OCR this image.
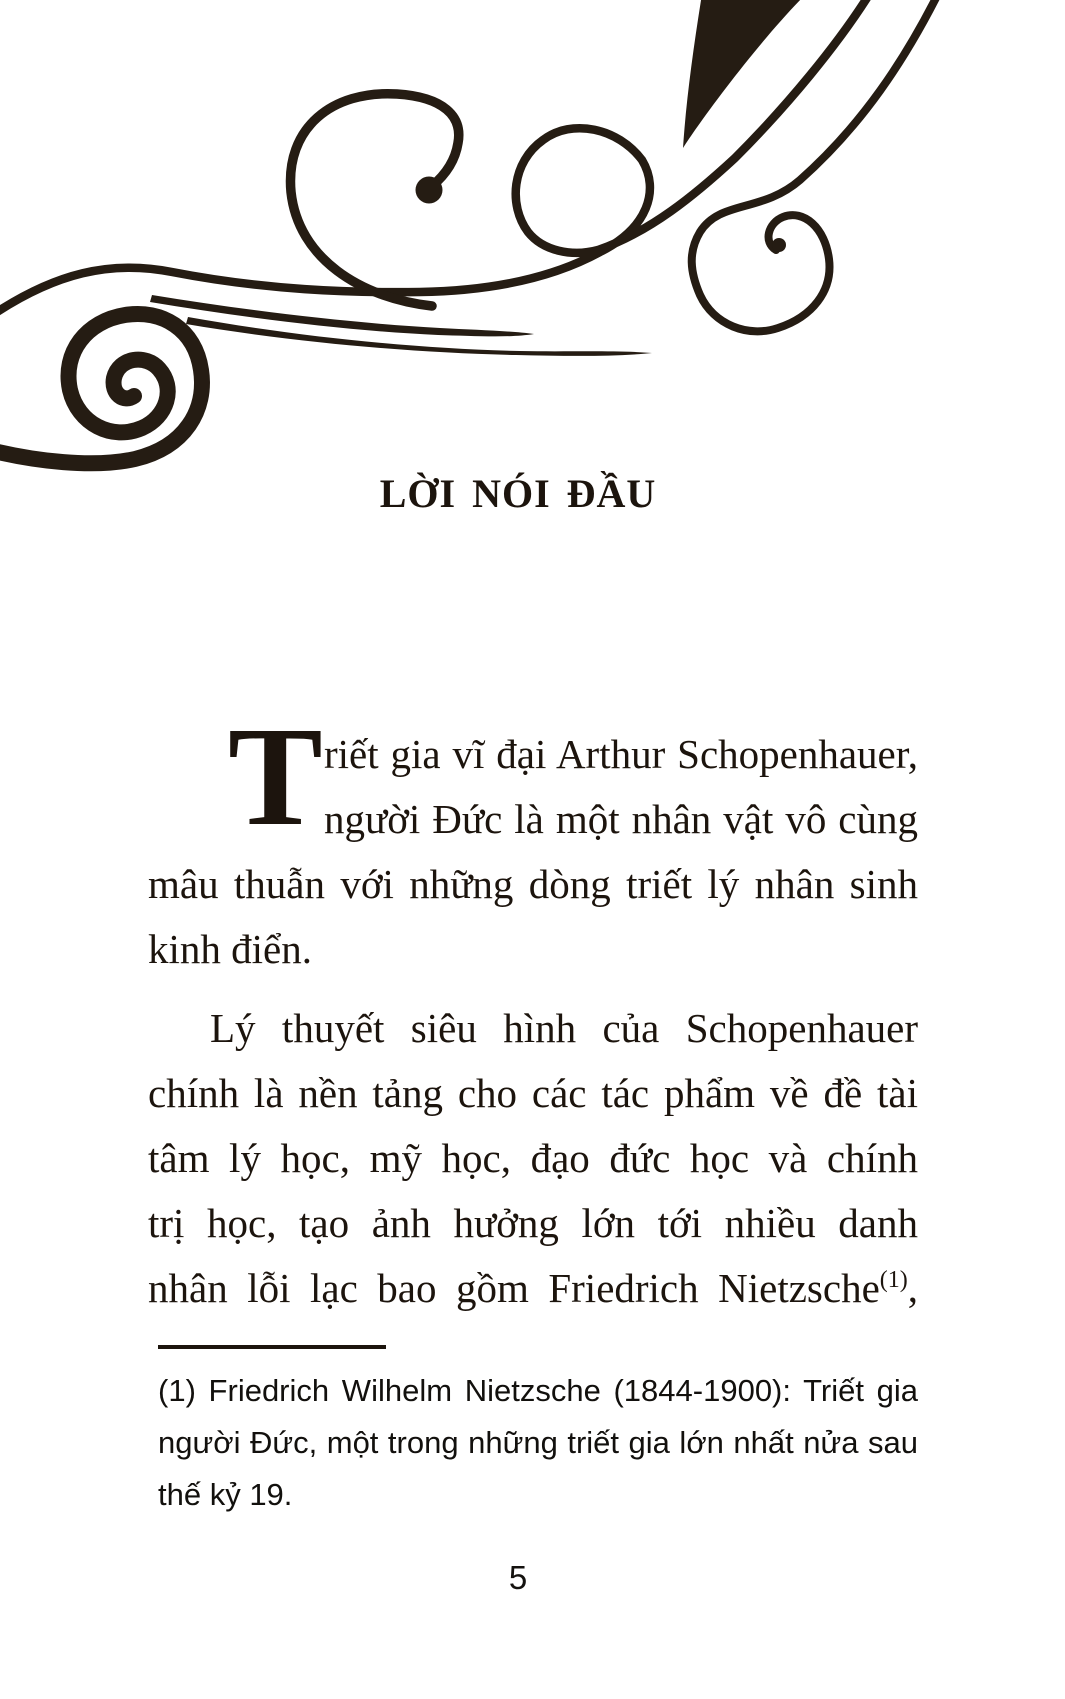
LỜI NÓI ĐẦU
T riết gia vĩ đại Arthur Schopenhauer,
người Đức là một nhân vật vô cùng
mâu thuẫn với những dòng triết lý nhân sinh
kinh điển.
Lý thuyết siêu hình của Schopenhauer
chính là nền tảng cho các tác phẩm về đề tài
tâm lý học, mỹ học, đạo đức học và chính
trị học, tạo ảnh hưởng lớn tới nhiều danh
nhân lỗi lạc bao gồm Friedrich Nietzsche$^{(1)}$,
(1) Friedrich Wilhelm Nietzsche (1844-1900): Triết gia
người Đức, một trong những triết gia lớn nhất nửa sau
thế kỷ 19.
5
